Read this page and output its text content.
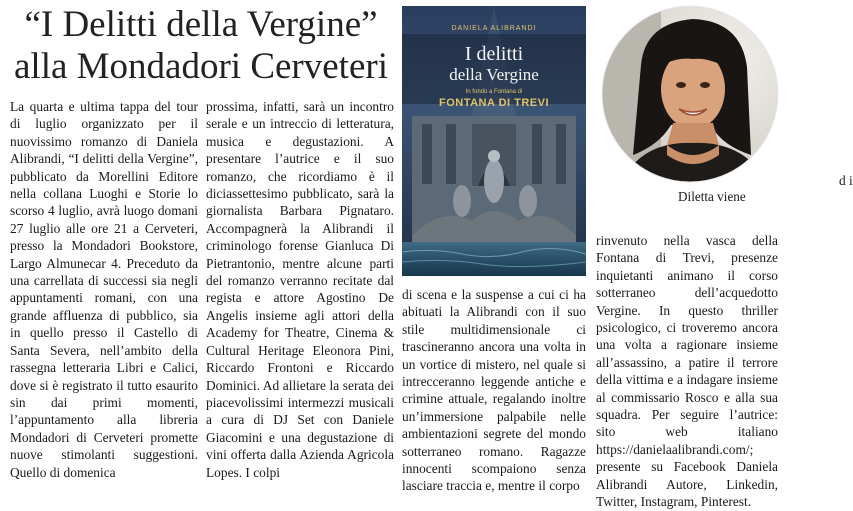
“I Delitti della Vergine”
alla Mondadori Cerveteri
DANIELA ALIBRANDI
I delitti
della Vergine
In fondo a Fontana di
FONTANA DI TREVI

La quarta e ultima tappa del tour di luglio organizzato per il nuovissimo romanzo di Daniela Alibrandi, “I delitti della Vergine”, pubblicato da Morellini Editore nella collana Luoghi e Storie lo scorso 4 luglio, avrà luogo domani 27 luglio alle ore 21 a Cerveteri, presso la Mondadori Bookstore, Largo Almunecar 4. Preceduto da una carrellata di successi sia negli appuntamenti romani, con una grande affluenza di pubblico, sia in quello presso il Castello di Santa Severa, nell’ambito della rassegna letteraria Libri e Calici, dove si è registrato il tutto esaurito sin dai primi momenti, l’appuntamento alla libreria Mondadori di Cerveteri promette nuove stimolanti suggestioni. Quello di domenica

prossima, infatti, sarà un incontro serale e un intreccio di letteratura, musica e degustazioni. A presentare l’autrice e il suo romanzo, che ricordiamo è il diciassettesimo pubblicato, sarà la giornalista Barbara Pignataro. Accompagnerà la Alibrandi il criminologo forense Gianluca Di Pietrantonio, mentre alcune parti del romanzo verranno recitate dal regista e attore Agostino De Angelis insieme agli attori della Academy for Theatre, Cinema & Cultural Heritage Eleonora Pini, Riccardo Frontoni e Riccardo Dominici. Ad allietare la serata dei piacevolissimi intermezzi musicali a cura di DJ Set con Daniele Giacomini e una degustazione di vini offerta dalla Azienda Agricola Lopes. I colpi

di scena e la suspense a cui ci ha abituati la Alibrandi con il suo stile multidimensionale ci trascineranno ancora una volta in un vortice di mistero, nel quale si intrecceranno leggende antiche e crimine attuale, regalando inoltre un’immersione palpabile nelle ambientazioni segrete del mondo sotterraneo romano. Ragazze innocenti scompaiono senza lasciare traccia e, mentre il corpo

d i
Diletta viene

rinvenuto nella vasca della Fontana di Trevi, presenze inquietanti animano il corso sotterraneo dell’acquedotto Vergine. In questo thriller psicologico, ci troveremo ancora una volta a ragionare insieme all’assassino, a patire il terrore della vittima e a indagare insieme al commissario Rosco e alla sua squadra. Per seguire l’autrice: sito web italiano https://danielaalibrandi.com/; presente su Facebook Daniela Alibrandi Autore, Linkedin, Twitter, Instagram, Pinterest.
